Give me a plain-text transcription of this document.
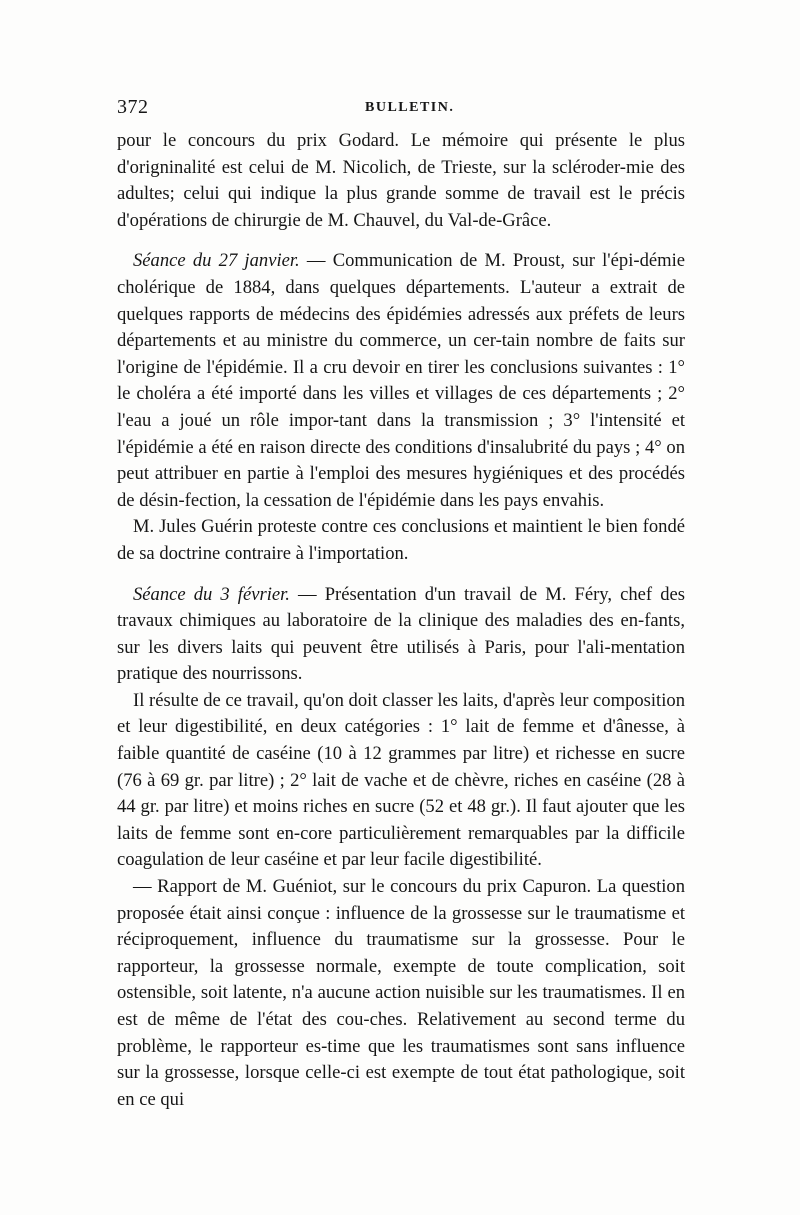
372	BULLETIN.

pour le concours du prix Godard. Le mémoire qui présente le plus d'origninalité est celui de M. Nicolich, de Trieste, sur la scléroder-mie des adultes; celui qui indique la plus grande somme de travail est le précis d'opérations de chirurgie de M. Chauvel, du Val-de-Grâce.

Séance du 27 janvier. — Communication de M. Proust, sur l'épi-démie cholérique de 1884, dans quelques départements. L'auteur a extrait de quelques rapports de médecins des épidémies adressés aux préfets de leurs départements et au ministre du commerce, un cer-tain nombre de faits sur l'origine de l'épidémie. Il a cru devoir en tirer les conclusions suivantes : 1° le choléra a été importé dans les villes et villages de ces départements ; 2° l'eau a joué un rôle impor-tant dans la transmission ; 3° l'intensité et l'épidémie a été en raison directe des conditions d'insalubrité du pays ; 4° on peut attribuer en partie à l'emploi des mesures hygiéniques et des procédés de désin-fection, la cessation de l'épidémie dans les pays envahis.

M. Jules Guérin proteste contre ces conclusions et maintient le bien fondé de sa doctrine contraire à l'importation.

Séance du 3 février. — Présentation d'un travail de M. Féry, chef des travaux chimiques au laboratoire de la clinique des maladies des en-fants, sur les divers laits qui peuvent être utilisés à Paris, pour l'ali-mentation pratique des nourrissons.

Il résulte de ce travail, qu'on doit classer les laits, d'après leur composition et leur digestibilité, en deux catégories : 1° lait de femme et d'ânesse, à faible quantité de caséine (10 à 12 grammes par litre) et richesse en sucre (76 à 69 gr. par litre) ; 2° lait de vache et de chèvre, riches en caséine (28 à 44 gr. par litre) et moins riches en sucre (52 et 48 gr.). Il faut ajouter que les laits de femme sont en-core particulièrement remarquables par la difficile coagulation de leur caséine et par leur facile digestibilité.

— Rapport de M. Guéniot, sur le concours du prix Capuron. La question proposée était ainsi conçue : influence de la grossesse sur le traumatisme et réciproquement, influence du traumatisme sur la grossesse. Pour le rapporteur, la grossesse normale, exempte de toute complication, soit ostensible, soit latente, n'a aucune action nuisible sur les traumatismes. Il en est de même de l'état des cou-ches. Relativement au second terme du problème, le rapporteur es-time que les traumatismes sont sans influence sur la grossesse, lorsque celle-ci est exempte de tout état pathologique, soit en ce qui
